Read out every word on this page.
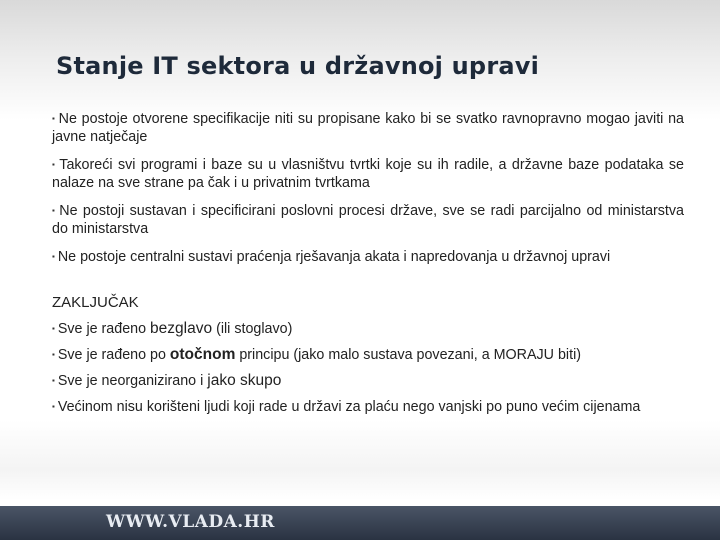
Stanje IT sektora u državnoj upravi

▪ Ne postoje otvorene specifikacije niti su propisane kako bi se svatko ravnopravno mogao javiti na javne natječaje

▪ Takoreći svi programi i baze su u vlasništvu tvrtki koje su ih radile, a državne baze podataka se nalaze na sve strane pa čak i u privatnim tvrtkama

▪ Ne postoji sustavan i specificirani poslovni procesi države, sve se radi parcijalno od ministarstva do ministarstva

▪ Ne postoje centralni sustavi praćenja rješavanja akata i napredovanja u državnoj upravi

ZAKLJUČAK
▪ Sve je rađeno bezglavo (ili stoglavo)
▪ Sve je rađeno po otočnom principu (jako malo sustava povezani, a MORAJU biti)
▪ Sve je neorganizirano i jako skupo

▪ Većinom nisu korišteni ljudi koji rade u državi za plaću nego vanjski po puno većim cijenama

WWW.VLADA.HR
